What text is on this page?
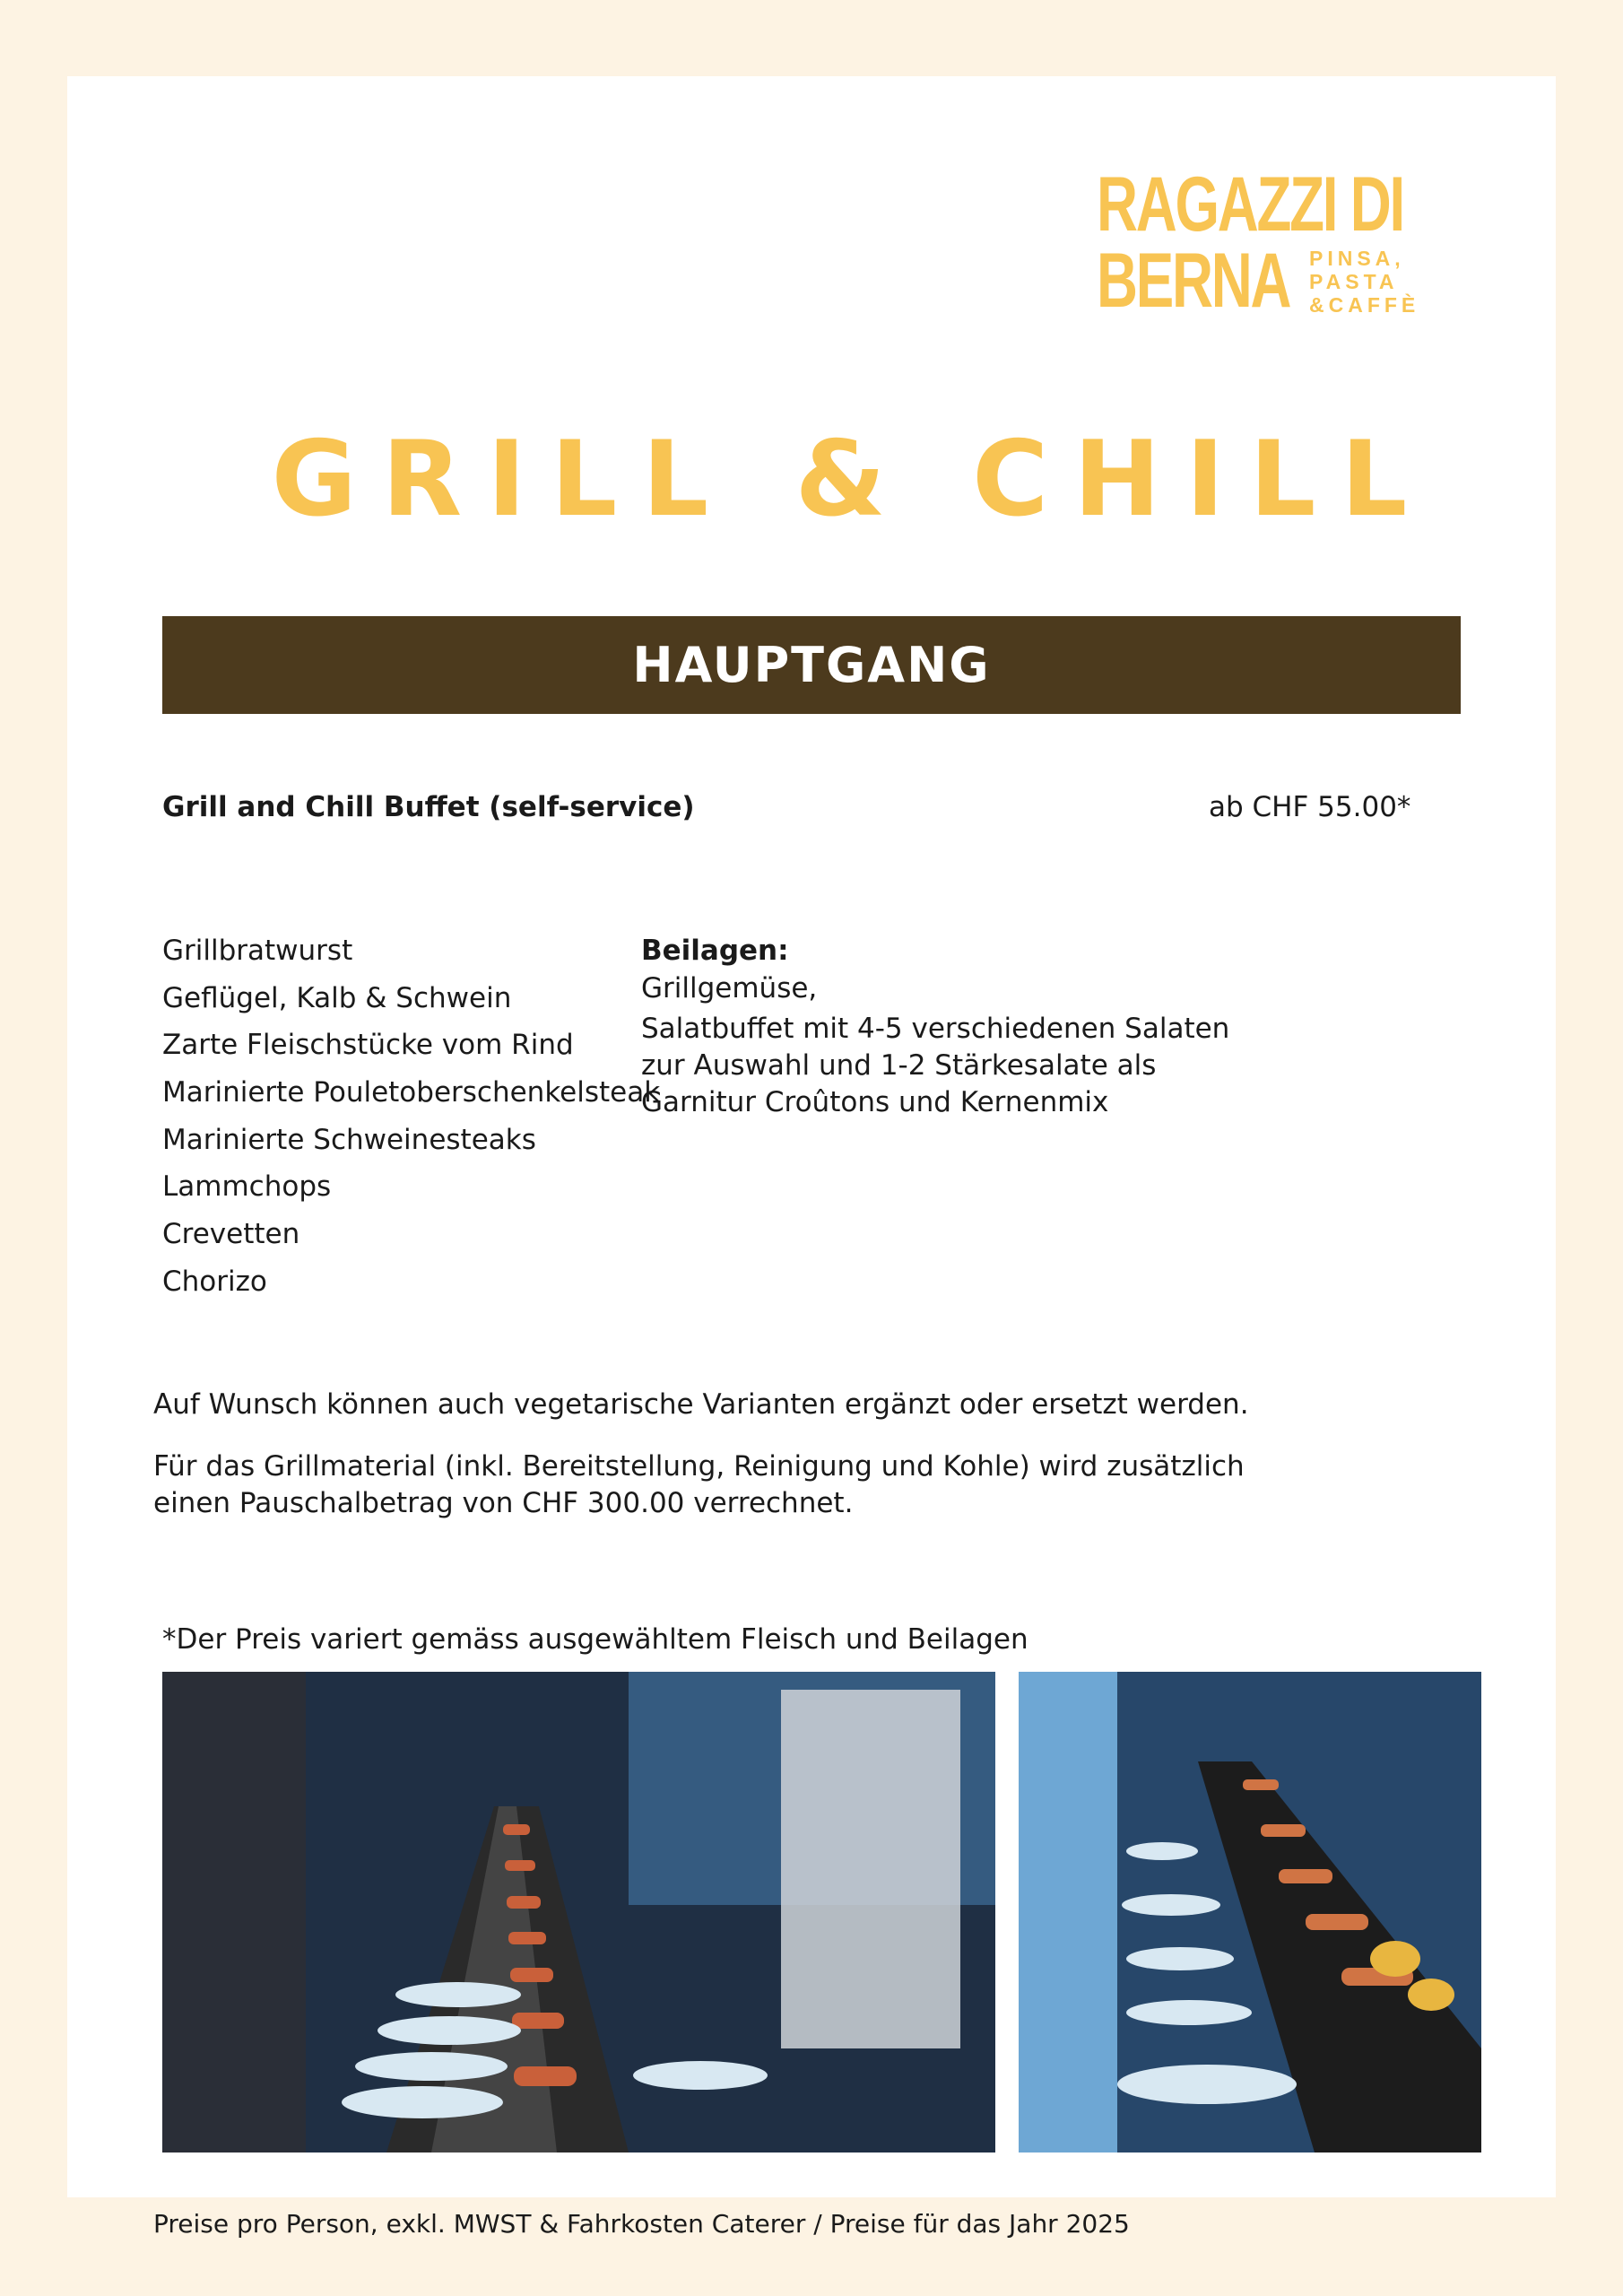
RAGAZZI DI
BERNA PINSA,
PASTA
&CAFFÈ
GRILL & CHILL
HAUPTGANG
Grill and Chill Buffet (self-service)	ab CHF 55.00*
Grillbratwurst
Geflügel, Kalb & Schwein
Zarte Fleischstücke vom Rind
Marinierte Pouletoberschenkelsteak
Marinierte Schweinesteaks
Lammchops
Crevetten
Chorizo
Beilagen:
Grillgemüse,
Salatbuffet mit 4-5 verschiedenen Salaten
zur Auswahl und 1-2 Stärkesalate als
Garnitur Croûtons und Kernenmix
Auf Wunsch können auch vegetarische Varianten ergänzt oder ersetzt werden.
Für das Grillmaterial (inkl. Bereitstellung, Reinigung und Kohle) wird zusätzlich
einen Pauschalbetrag von CHF 300.00 verrechnet.
*Der Preis variert gemäss ausgewähltem Fleisch und Beilagen
Preise pro Person, exkl. MWST & Fahrkosten Caterer / Preise für das Jahr 2025
